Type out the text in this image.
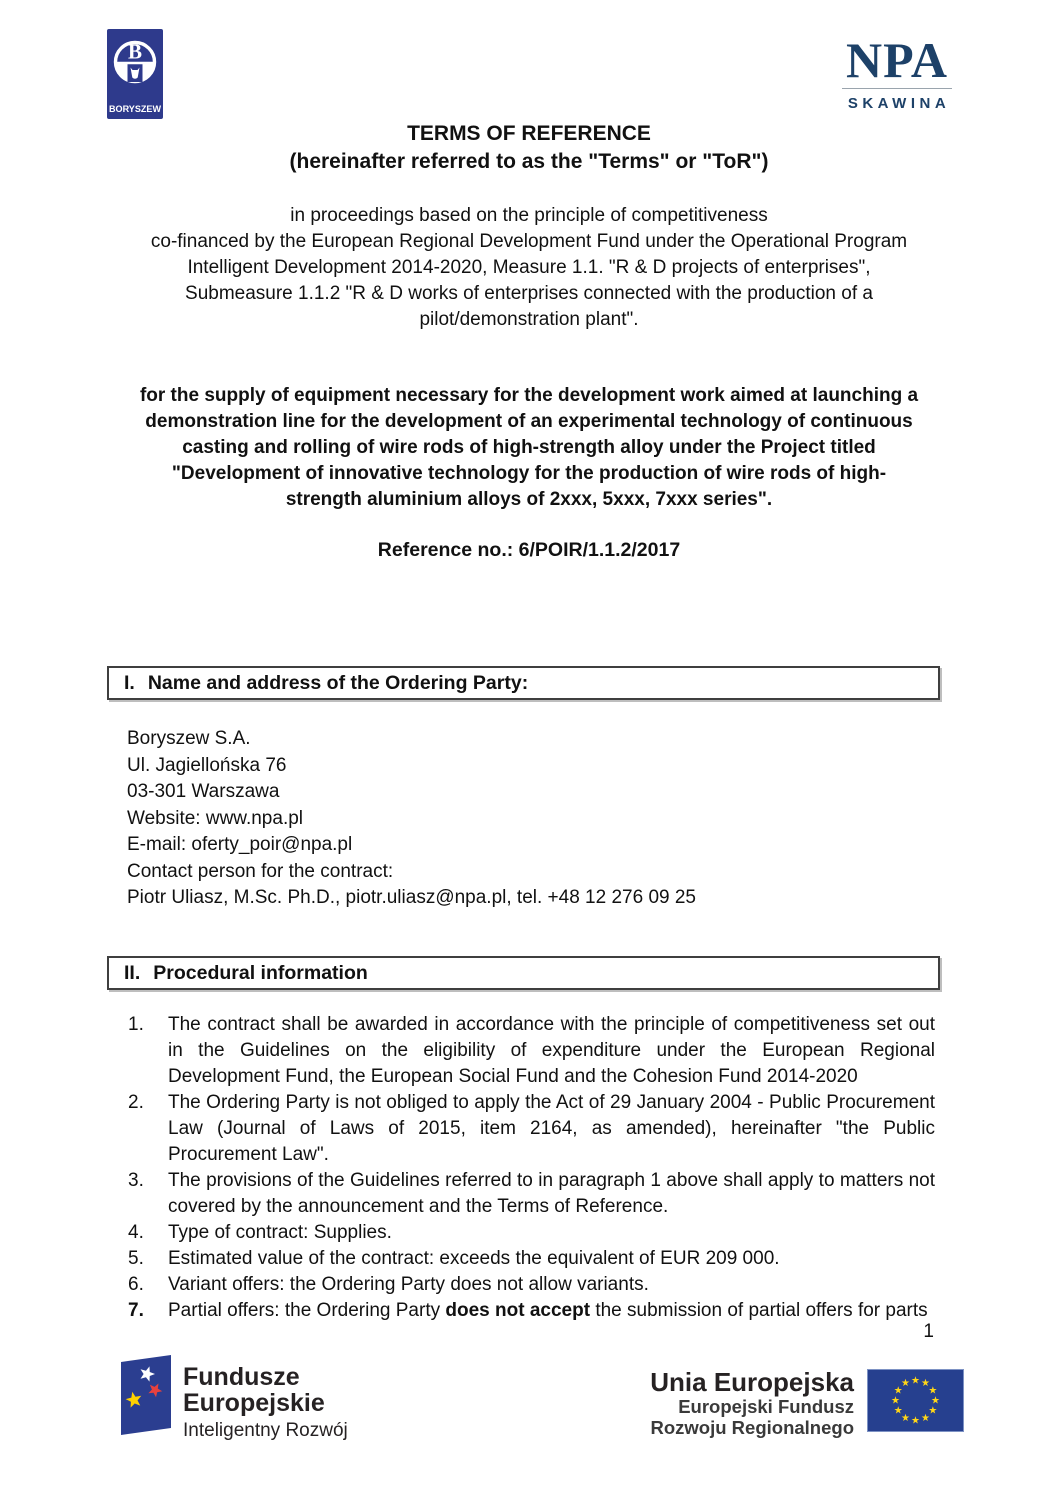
B
BORYSZEW
NPA
SKAWINA
TERMS OF REFERENCE
(hereinafter referred to as the "Terms" or "ToR")
in proceedings based on the principle of competitiveness
co-financed by the European Regional Development Fund under the Operational Program
Intelligent Development 2014-2020, Measure 1.1. "R & D projects of enterprises",
Submeasure 1.1.2 "R & D works of enterprises connected with the production of a
pilot/demonstration plant".
for the supply of equipment necessary for the development work aimed at launching a
demonstration line for the development of an experimental technology of continuous
casting and rolling of wire rods of high-strength alloy under the Project titled
"Development of innovative technology for the production of wire rods of high-
strength aluminium alloys of 2xxx, 5xxx, 7xxx series".
Reference no.: 6/POIR/1.1.2/2017
I. Name and address of the Ordering Party:
Boryszew S.A.
Ul. Jagiellońska 76
03-301 Warszawa
Website: www.npa.pl
E-mail: oferty_poir@npa.pl
Contact person for the contract:
Piotr Uliasz, M.Sc. Ph.D., piotr.uliasz@npa.pl, tel. +48 12 276 09 25
II. Procedural information
1. The contract shall be awarded in accordance with the principle of competitiveness set out in the Guidelines on the eligibility of expenditure under the European Regional Development Fund, the European Social Fund and the Cohesion Fund 2014-2020
2. The Ordering Party is not obliged to apply the Act of 29 January 2004 - Public Procurement Law (Journal of Laws of 2015, item 2164, as amended), hereinafter "the Public Procurement Law".
3. The provisions of the Guidelines referred to in paragraph 1 above shall apply to matters not covered by the announcement and the Terms of Reference.
4. Type of contract: Supplies.
5. Estimated value of the contract: exceeds the equivalent of EUR 209 000.
6. Variant offers: the Ordering Party does not allow variants.
7. Partial offers: the Ordering Party does not accept the submission of partial offers for parts
1
Fundusze
Europejskie
Inteligentny Rozwój
Unia Europejska
Europejski Fundusz
Rozwoju Regionalnego
★ ★
★
★
★
★
★
★
★
★
★
★
